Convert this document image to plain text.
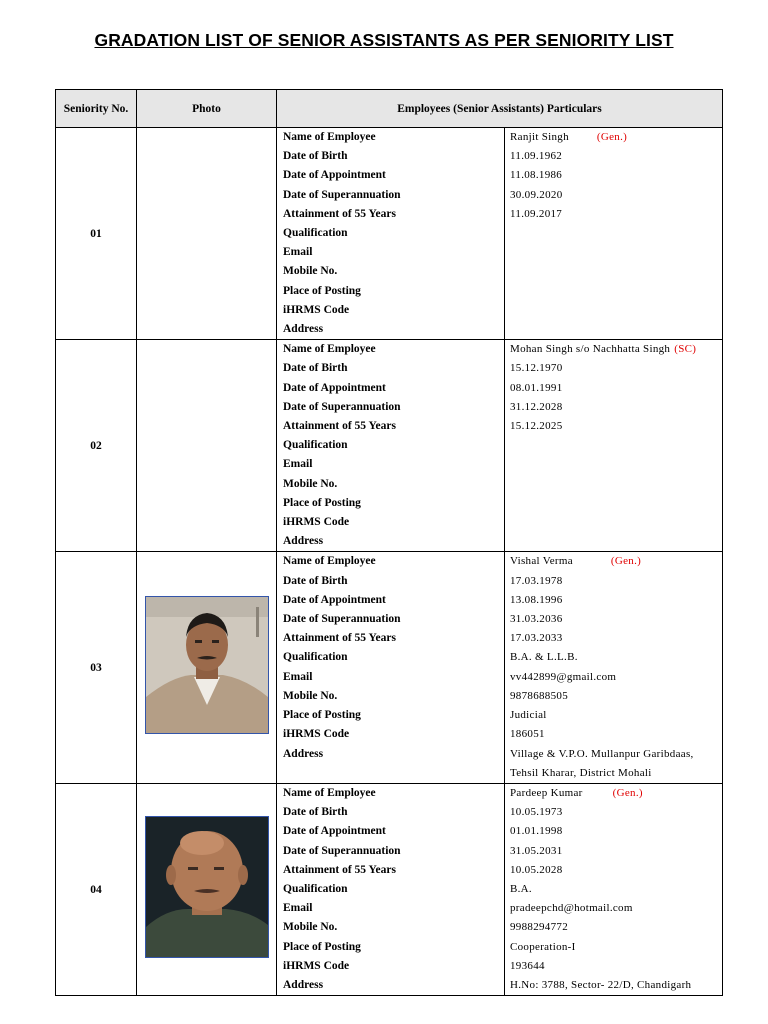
GRADATION LIST OF SENIOR ASSISTANTS AS PER SENIORITY LIST
Seniority No.	Photo	Employees (Senior Assistants) Particulars
01		
Name of Employee	Ranjit Singh	(Gen.)
Date of Birth	11.09.1962
Date of Appointment	11.08.1986
Date of Superannuation	30.09.2020
Attainment of 55 Years	11.09.2017
Qualification	
Email	
Mobile No.	
Place of Posting	
iHRMS Code	
Address	

02		
Name of Employee	Mohan Singh s/o Nachhatta Singh (SC)
Date of Birth	15.12.1970
Date of Appointment	08.01.1991
Date of Superannuation	31.12.2028
Attainment of 55 Years	15.12.2025
Qualification	
Email	
Mobile No.	
Place of Posting	
iHRMS Code	
Address	

03	

Name of Employee	Vishal Verma	(Gen.)
Date of Birth	17.03.1978
Date of Appointment	13.08.1996
Date of Superannuation	31.03.2036
Attainment of 55 Years	17.03.2033
Qualification	B.A. & L.L.B.
Email	vv442899@gmail.com
Mobile No.	9878688505
Place of Posting	Judicial
iHRMS Code	186051
Address	Village & V.P.O. Mullanpur Garibdaas,
	Tehsil Kharar, District Mohali

04	

Name of Employee	Pardeep Kumar	(Gen.)
Date of Birth	10.05.1973
Date of Appointment	01.01.1998
Date of Superannuation	31.05.2031
Attainment of 55 Years	10.05.2028
Qualification	B.A.
Email	pradeepchd@hotmail.com
Mobile No.	9988294772
Place of Posting	Cooperation-I
iHRMS Code	193644
Address	H.No: 3788, Sector- 22/D, Chandigarh
